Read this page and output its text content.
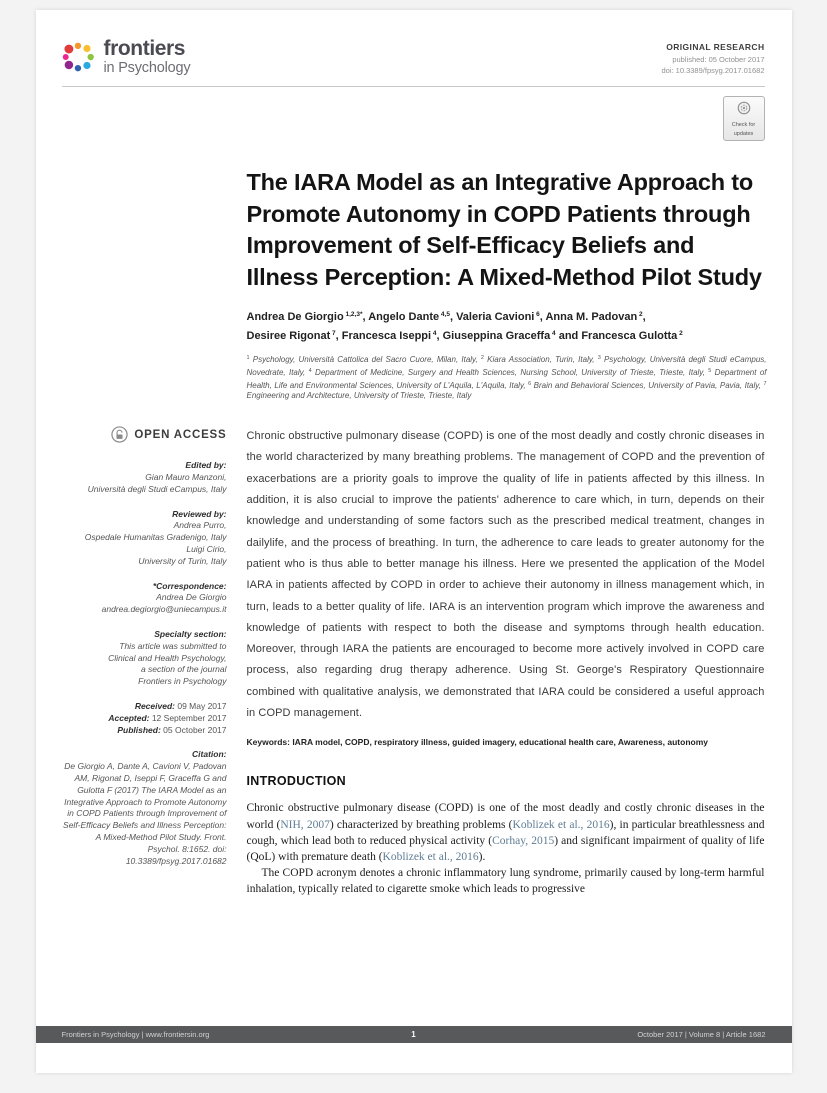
frontiers
in Psychology
ORIGINAL RESEARCH
published: 05 October 2017
doi: 10.3389/fpsyg.2017.01682
Check for
updates
The IARA Model as an Integrative Approach to Promote Autonomy in COPD Patients through Improvement of Self-Efficacy Beliefs and Illness Perception: A Mixed-Method Pilot Study
Andrea De Giorgio $^{1,2,3*}$, Angelo Dante $^{4,5}$, Valeria Cavioni $^6$, Anna M. Padovan $^2$,
Desiree Rigonat $^7$, Francesca Iseppi $^4$, Giuseppina Graceffa $^4$ and Francesca Gulotta $^2$
$^1$ Psychology, Università Cattolica del Sacro Cuore, Milan, Italy, $^2$ Kiara Association, Turin, Italy, $^3$ Psychology, Università degli Studi eCampus, Novedrate, Italy, $^4$ Department of Medicine, Surgery and Health Sciences, Nursing School, University of Trieste, Trieste, Italy, $^5$ Department of Health, Life and Environmental Sciences, University of L'Aquila, L'Aquila, Italy, $^6$ Brain and Behavioral Sciences, University of Pavia, Pavia, Italy, $^7$ Engineering and Architecture, University of Trieste, Trieste, Italy
OPEN ACCESS
Edited by:
Gian Mauro Manzoni,
Università degli Studi eCampus, Italy
Reviewed by:
Andrea Purro,
Ospedale Humanitas Gradenigo, Italy
Luigi Cirio,
University of Turin, Italy
*Correspondence:
Andrea De Giorgio
andrea.degiorgio@uniecampus.it
Specialty section:
This article was submitted to
Clinical and Health Psychology,
a section of the journal
Frontiers in Psychology
Received: 09 May 2017
Accepted: 12 September 2017
Published: 05 October 2017
Citation:
De Giorgio A, Dante A, Cavioni V, Padovan AM, Rigonat D, Iseppi F, Graceffa G and Gulotta F (2017) The IARA Model as an Integrative Approach to Promote Autonomy in COPD Patients through Improvement of Self-Efficacy Beliefs and Illness Perception: A Mixed-Method Pilot Study. Front. Psychol. 8:1652. doi: 10.3389/fpsyg.2017.01682

Chronic obstructive pulmonary disease (COPD) is one of the most deadly and costly chronic diseases in the world characterized by many breathing problems. The management of COPD and the prevention of exacerbations are a priority goals to improve the quality of life in patients affected by this illness. In addition, it is also crucial to improve the patients' adherence to care which, in turn, depends on their knowledge and understanding of some factors such as the prescribed medical treatment, changes in dailylife, and the process of breathing. In turn, the adherence to care leads to greater autonomy for the patient who is thus able to better manage his illness. Here we presented the application of the Model IARA in patients affected by COPD in order to achieve their autonomy in illness management which, in turn, leads to a better quality of life. IARA is an intervention program which improve the awareness and knowledge of patients with respect to both the disease and symptoms through health education. Moreover, through IARA the patients are encouraged to become more actively involved in COPD care process, also regarding drug therapy adherence. Using St. George's Respiratory Questionnaire combined with qualitative analysis, we demonstrated that IARA could be considered a useful approach in COPD management.

Keywords: IARA model, COPD, respiratory illness, guided imagery, educational health care, Awareness, autonomy

INTRODUCTION

Chronic obstructive pulmonary disease (COPD) is one of the most deadly and costly chronic diseases in the world (NIH, 2007) characterized by breathing problems (Koblizek et al., 2016), in particular breathlessness and cough, which lead both to reduced physical activity (Corhay, 2015) and significant impairment of quality of life (QoL) with premature death (Koblizek et al., 2016).

The COPD acronym denotes a chronic inflammatory lung syndrome, primarily caused by long-term harmful inhalation, typically related to cigarette smoke which leads to progressive

Frontiers in Psychology | www.frontiersin.org	1	October 2017 | Volume 8 | Article 1682
